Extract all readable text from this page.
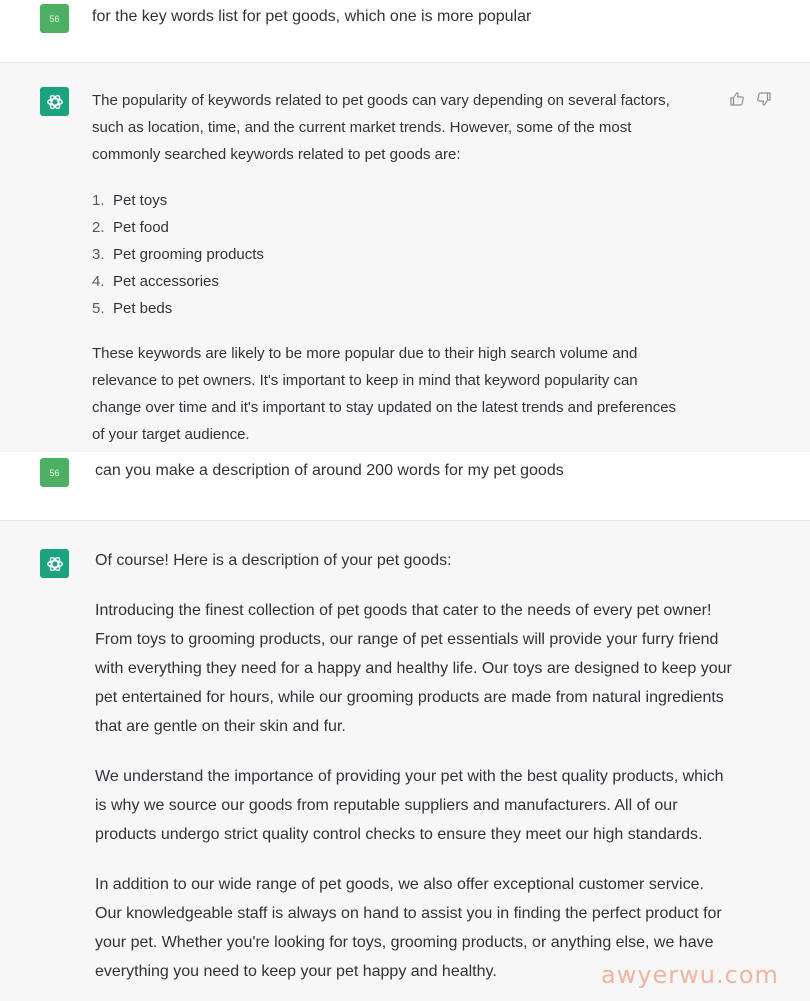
56 for the key words list for pet goods, which one is more popular

The popularity of keywords related to pet goods can vary depending on several factors,

such as location, time, and the current market trends. However, some of the most

commonly searched keywords related to pet goods are:

1. Pet toys
2. Pet food
3. Pet grooming products
4. Pet accessories
5. Pet beds

These keywords are likely to be more popular due to their high search volume and

relevance to pet owners. It's important to keep in mind that keyword popularity can

change over time and it's important to stay updated on the latest trends and preferences

of your target audience.

56 can you make a description of around 200 words for my pet goods

Of course! Here is a description of your pet goods:

Introducing the finest collection of pet goods that cater to the needs of every pet owner!

From toys to grooming products, our range of pet essentials will provide your furry friend

with everything they need for a happy and healthy life. Our toys are designed to keep your

pet entertained for hours, while our grooming products are made from natural ingredients

that are gentle on their skin and fur.

We understand the importance of providing your pet with the best quality products, which

is why we source our goods from reputable suppliers and manufacturers. All of our

products undergo strict quality control checks to ensure they meet our high standards.

In addition to our wide range of pet goods, we also offer exceptional customer service.

Our knowledgeable staff is always on hand to assist you in finding the perfect product for

your pet. Whether you're looking for toys, grooming products, or anything else, we have

everything you need to keep your pet happy and healthy.	awyerwu.com
